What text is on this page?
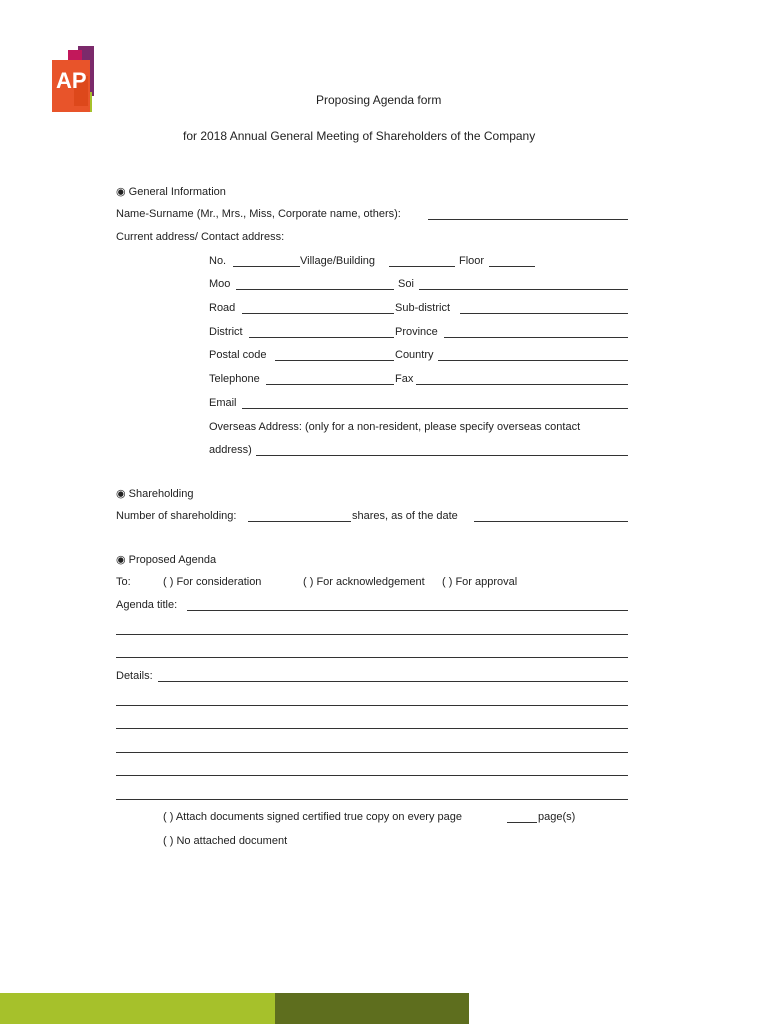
AP
Proposing Agenda form
for 2018 Annual General Meeting of Shareholders of the Company
◉ General Information
Name-Surname (Mr., Mrs., Miss, Corporate name, others):
Current address/ Contact address:
No.	Village/Building	Floor
Moo	Soi
Road	Sub-district
District	Province
Postal code	Country
Telephone	Fax
Email
Overseas Address: (only for a non-resident, please specify overseas contact
address)
◉ Shareholding
Number of shareholding:	shares, as of the date
◉ Proposed Agenda
To:	( ) For consideration	( ) For acknowledgement ( ) For approval
Agenda title:
Details:
( ) Attach documents signed certified true copy on every page	page(s)
( ) No attached document
